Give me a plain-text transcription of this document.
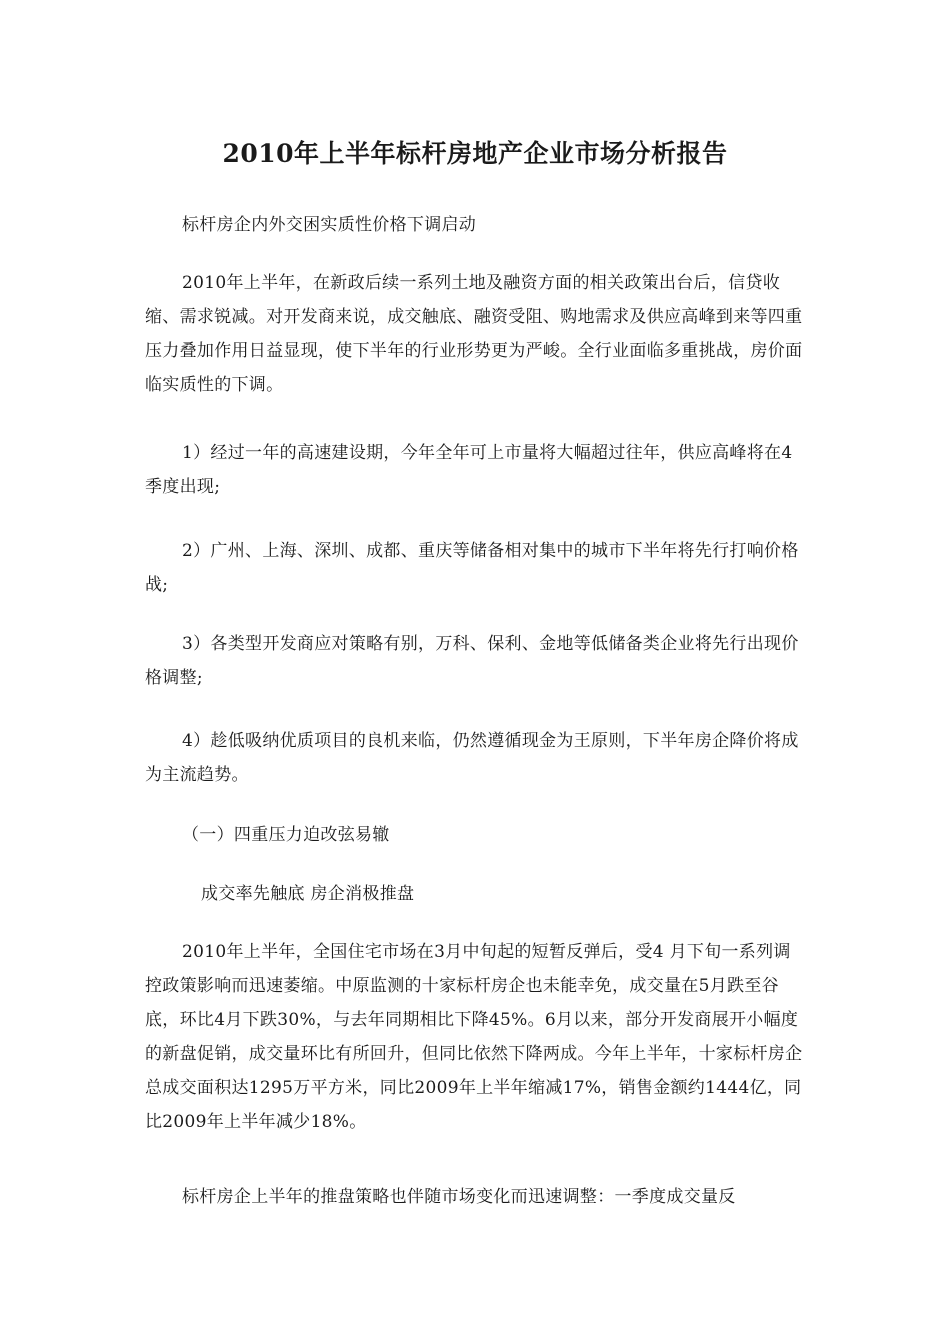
2010年上半年标杆房地产企业市场分析报告

标杆房企内外交困实质性价格下调启动

2010年上半年，在新政后续一系列土地及融资方面的相关政策出台后，信贷收缩、需求锐减。对开发商来说，成交触底、融资受阻、购地需求及供应高峰到来等四重压力叠加作用日益显现，使下半年的行业形势更为严峻。全行业面临多重挑战，房价面临实质性的下调。

1）经过一年的高速建设期，今年全年可上市量将大幅超过往年，供应高峰将在4季度出现;

2）广州、上海、深圳、成都、重庆等储备相对集中的城市下半年将先行打响价格战;

3）各类型开发商应对策略有别，万科、保利、金地等低储备类企业将先行出现价格调整;

4）趁低吸纳优质项目的良机来临，仍然遵循现金为王原则，下半年房企降价将成为主流趋势。

（一）四重压力迫改弦易辙

成交率先触底 房企消极推盘

2010年上半年，全国住宅市场在3月中旬起的短暂反弹后，受4 月下旬一系列调控政策影响而迅速萎缩。中原监测的十家标杆房企也未能幸免，成交量在5月跌至谷底，环比4月下跌30%，与去年同期相比下降45%。6月以来，部分开发商展开小幅度的新盘促销，成交量环比有所回升，但同比依然下降两成。今年上半年，十家标杆房企总成交面积达1295万平方米，同比2009年上半年缩减17%，销售金额约1444亿，同比2009年上半年减少18%。

标杆房企上半年的推盘策略也伴随市场变化而迅速调整：一季度成交量反
